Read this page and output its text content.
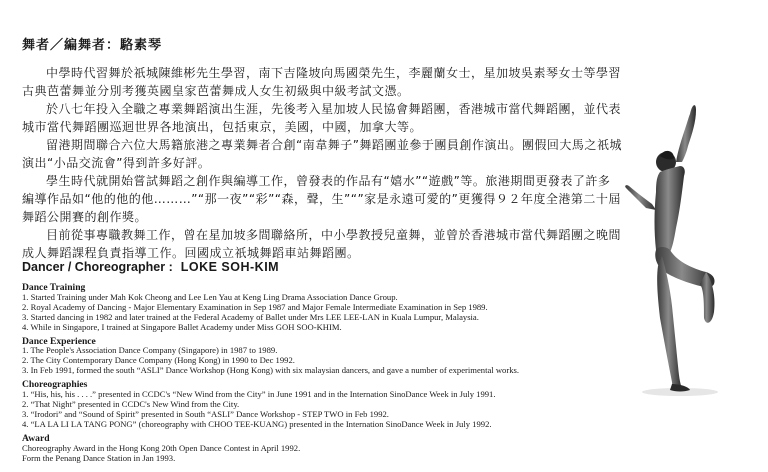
舞者／編舞者：駱素琴

中學時代習舞於祇城陳維彬先生學習，南下吉隆坡向馬國榮先生，李麗蘭女士，星加坡吳素琴女士等學習古典芭蕾舞並分別考獲英國皇家芭蕾舞成人女生初級與中級考試文憑。

於八七年投入全職之專業舞蹈演出生涯，先後考入星加坡人民協會舞蹈團，香港城市當代舞蹈團，並代表城市當代舞蹈團巡迴世界各地演出，包括東京，美國，中國，加拿大等。

留港期間聯合六位大馬籍旅港之專業舞者合創“南韋舞子”舞蹈團並參于團員創作演出。團假回大馬之祇城演出“小品交流會”得到許多好評。

學生時代就開始嘗試舞蹈之創作與編導工作，曾發表的作品有“嬉水”“遊戲”等。旅港期間更發表了許多編導作品如“他的他的他………”“那一夜”“彩”“森，聲，生”“”家是永遠可愛的”更獲得９２年度全港第二十屆舞蹈公開賽的創作獎。

目前從事專職教舞工作，曾在星加坡多間聯絡所，中小學教授兒童舞，並曾於香港城市當代舞蹈團之晚間成人舞蹈課程負責指導工作。回國成立祇城舞蹈車站舞蹈團。

Dancer / Choreographer : LOKE SOH-KIM
Dance Training
1. Started Training under Mah Kok Cheong and Lee Len Yau at Keng Ling Drama Association Dance Group.
2. Royal Academy of Dancing - Major Elementary Examination in Sep 1987 and Major Female Intermediate Examination in Sep 1989.
3. Started dancing in 1982 and later trained at the Federal Academy of Ballet under Mrs LEE LEE-LAN in Kuala Lumpur, Malaysia.
4. While in Singapore, I trained at Singapore Ballet Academy under Miss GOH SOO-KHIM.
Dance Experience
1. The People's Association Dance Company (Singapore) in 1987 to 1989.
2. The City Contemporary Dance Company (Hong Kong) in 1990 to Dec 1992.
3. In Feb 1991, formed the south “ASLI” Dance Workshop (Hong Kong) with six malaysian dancers, and gave a number of experimental works.
Choreographies
1. “His, his, his . . . .” presented in CCDC's “New Wind from the City” in June 1991 and in the Internation SinoDance Week in July 1991.
2. “That Night” presented in CCDC's New Wind from the City.
3. “Irodori” and “Sound of Spirit” presented in South “ASLI” Dance Workshop - STEP TWO in Feb 1992.
4. “LA LA LI LA TANG PONG” (choreography with CHOO TEE-KUANG) presented in the Internation SinoDance Week in July 1992.
Award
Choreography Award in the Hong Kong 20th Open Dance Contest in April 1992.
Form the Penang Dance Station in Jan 1993.
